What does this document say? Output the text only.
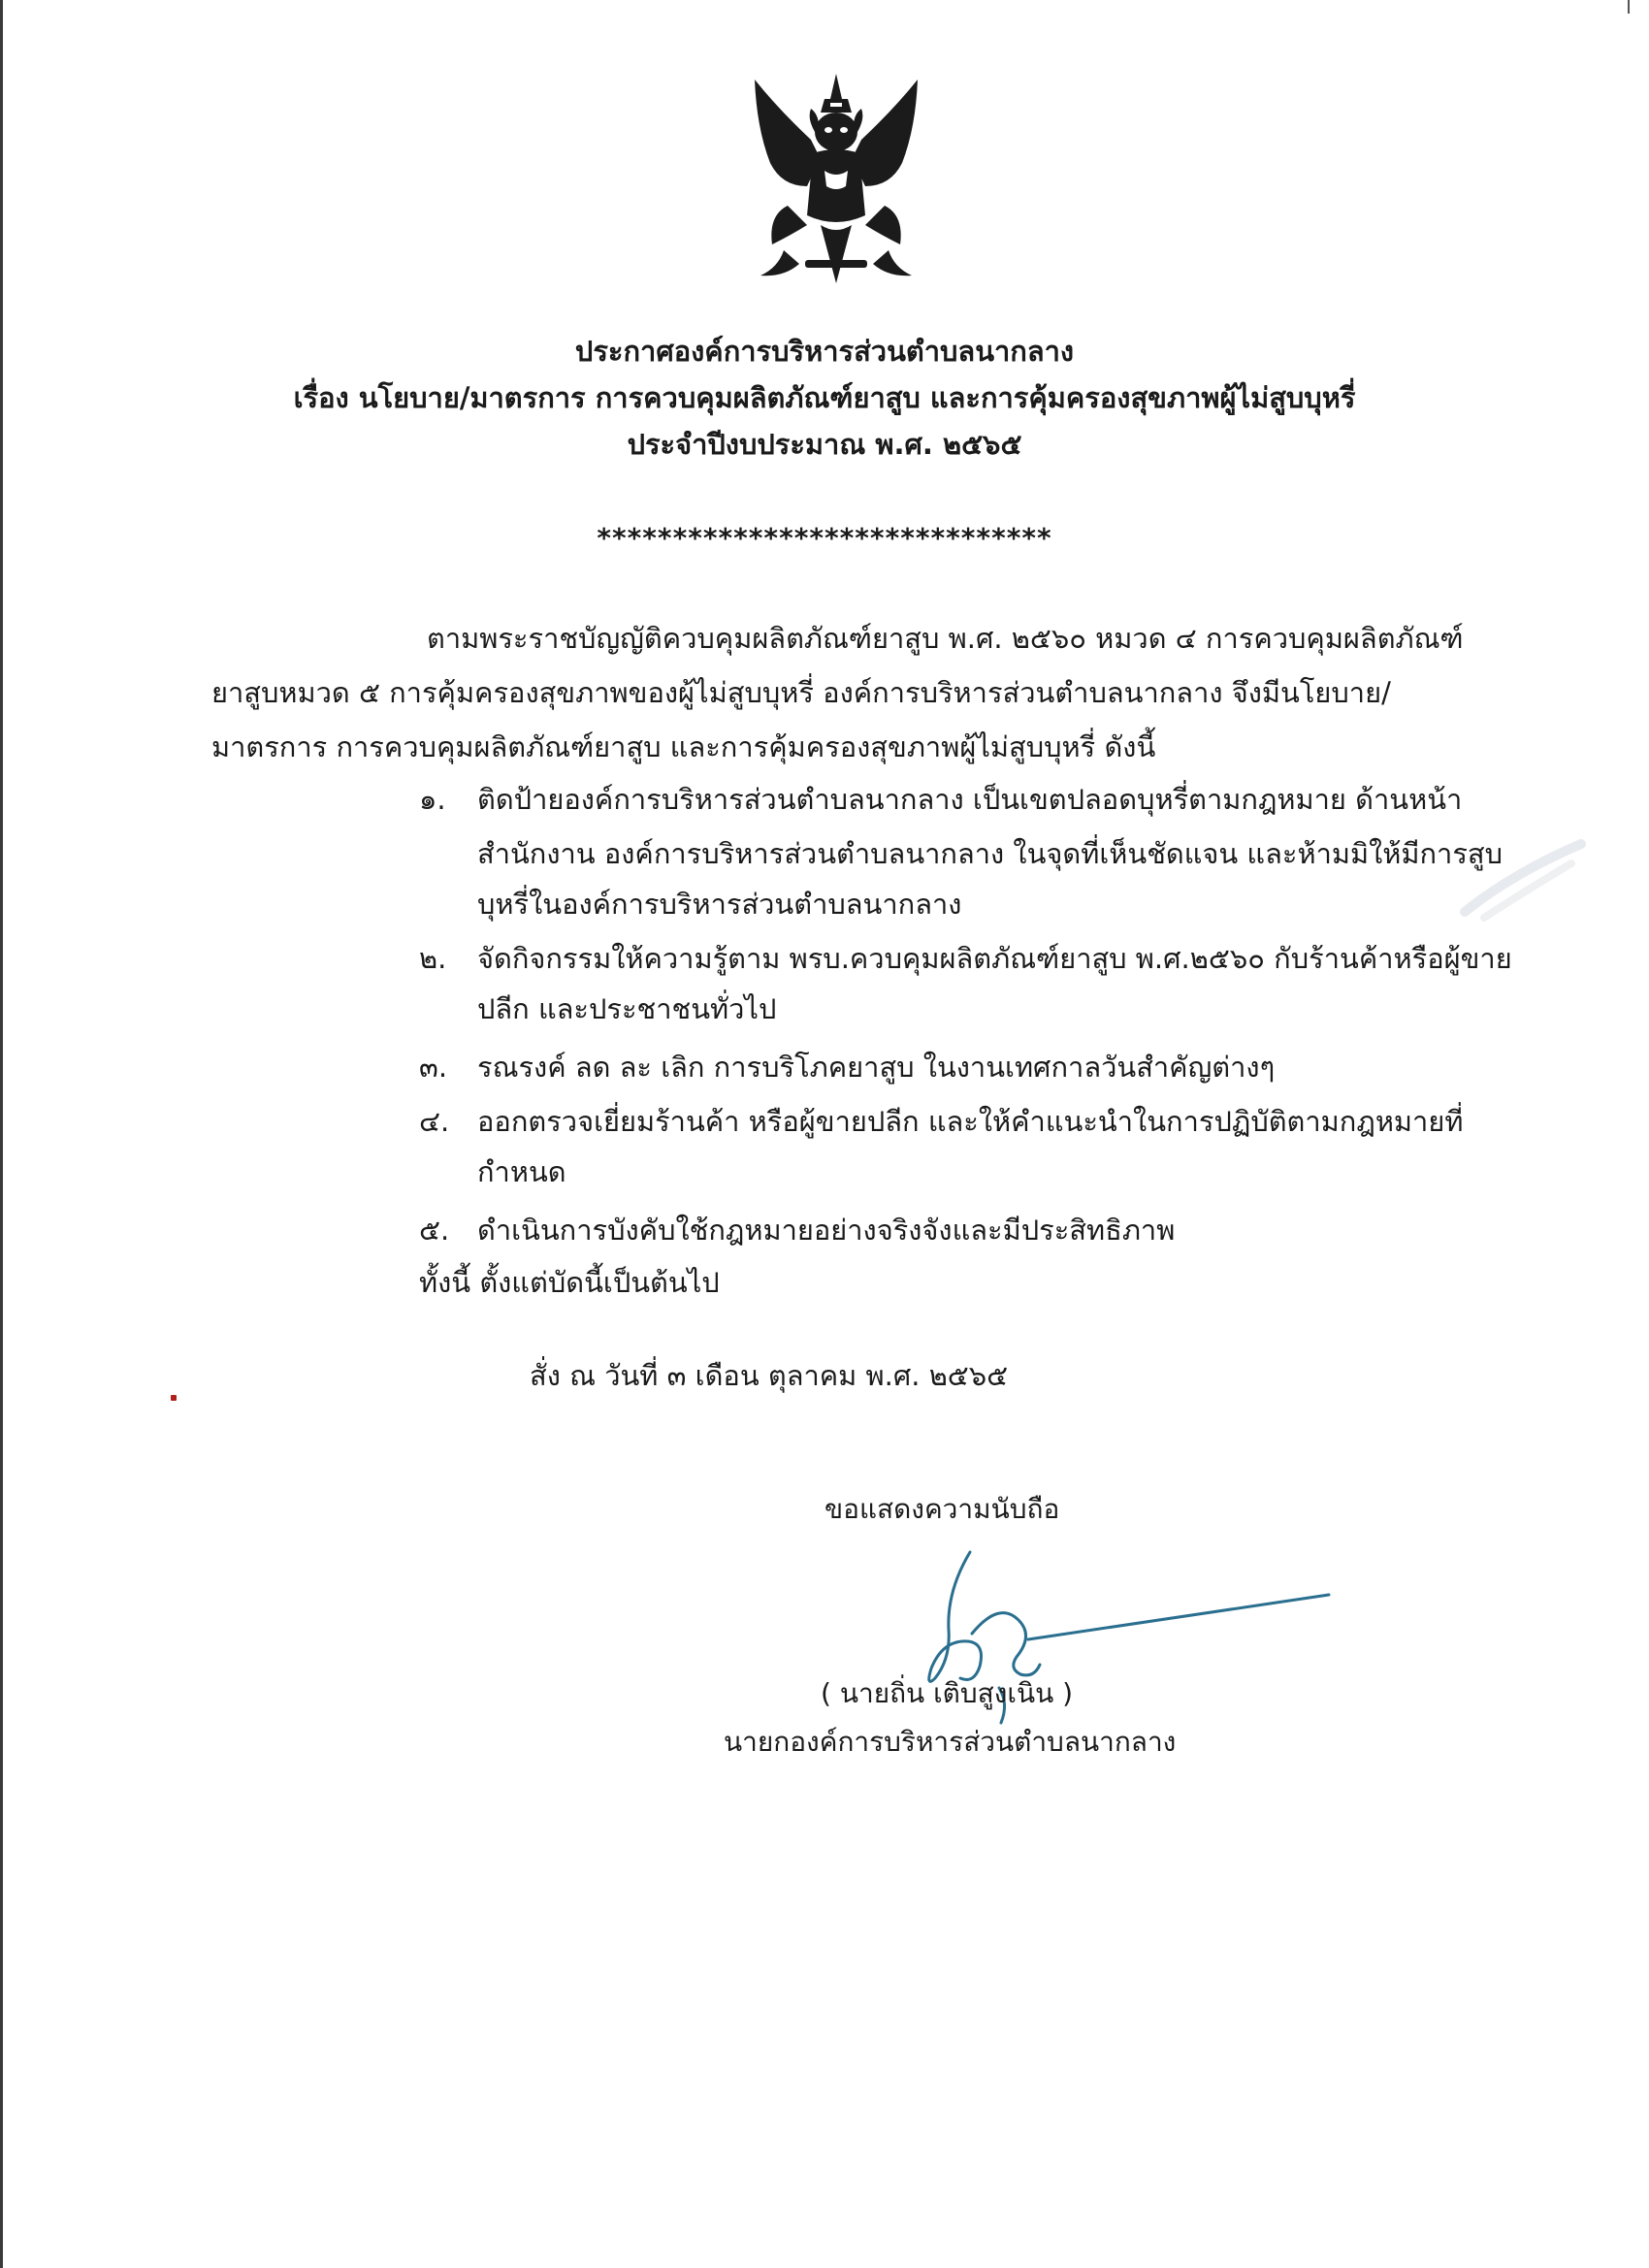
ประกาศองค์การบริหารส่วนตำบลนากลาง
เรื่อง นโยบาย/มาตรการ การควบคุมผลิตภัณฑ์ยาสูบ และการคุ้มครองสุขภาพผู้ไม่สูบบุหรี่
ประจำปีงบประมาณ พ.ศ. ๒๕๖๕
******************************
ตามพระราชบัญญัติควบคุมผลิตภัณฑ์ยาสูบ พ.ศ. ๒๕๖๐ หมวด ๔ การควบคุมผลิตภัณฑ์
ยาสูบหมวด ๕ การคุ้มครองสุขภาพของผู้ไม่สูบบุหรี่ องค์การบริหารส่วนตำบลนากลาง จึงมีนโยบาย/
มาตรการ การควบคุมผลิตภัณฑ์ยาสูบ และการคุ้มครองสุขภาพผู้ไม่สูบบุหรี่ ดังนี้
๑. ติดป้ายองค์การบริหารส่วนตำบลนากลาง เป็นเขตปลอดบุหรี่ตามกฎหมาย ด้านหน้า
สำนักงาน องค์การบริหารส่วนตำบลนากลาง ในจุดที่เห็นชัดแจน และห้ามมิให้มีการสูบ
บุหรี่ในองค์การบริหารส่วนตำบลนากลาง
๒. จัดกิจกรรมให้ความรู้ตาม พรบ.ควบคุมผลิตภัณฑ์ยาสูบ พ.ศ.๒๕๖๐ กับร้านค้าหรือผู้ขาย
ปลีก และประชาชนทั่วไป
๓. รณรงค์ ลด ละ เลิก การบริโภคยาสูบ ในงานเทศกาลวันสำคัญต่างๆ
๔. ออกตรวจเยี่ยมร้านค้า หรือผู้ขายปลีก และให้คำแนะนำในการปฏิบัติตามกฎหมายที่
กำหนด
๕. ดำเนินการบังคับใช้กฎหมายอย่างจริงจังและมีประสิทธิภาพ
ทั้งนี้ ตั้งแต่บัดนี้เป็นต้นไป
สั่ง ณ วันที่ ๓ เดือน ตุลาคม พ.ศ. ๒๕๖๕
ขอแสดงความนับถือ
( นายถิ่น เติบสูงเนิน )
นายกองค์การบริหารส่วนตำบลนากลาง
